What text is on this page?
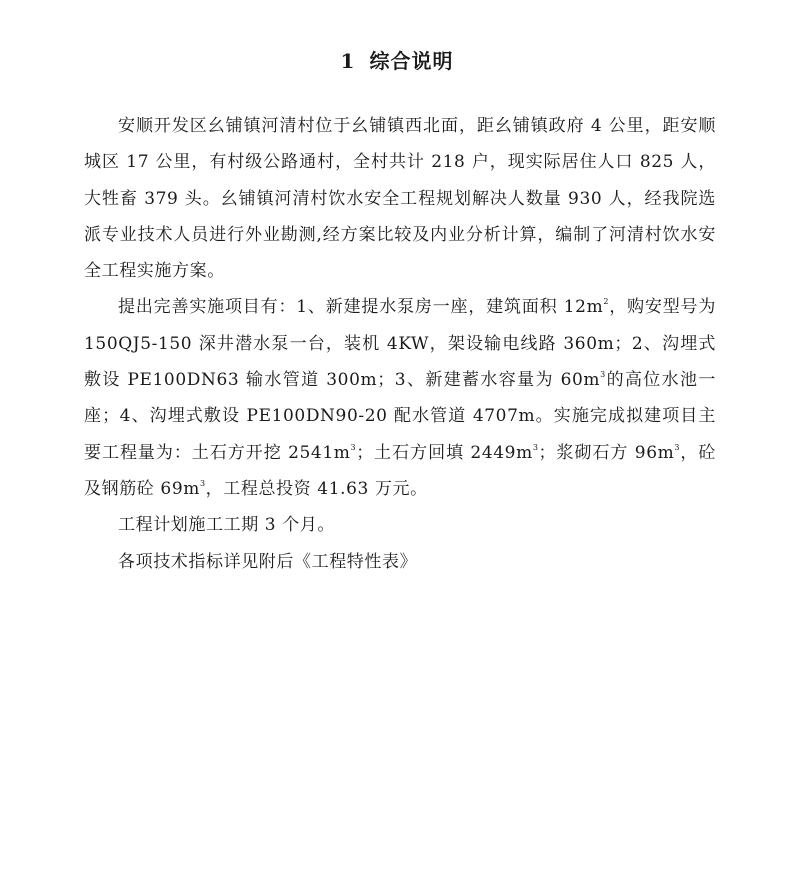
1 综合说明

安顺开发区幺铺镇河清村位于幺铺镇西北面，距幺铺镇政府 4 公里，距安顺城区 17 公里，有村级公路通村，全村共计 218 户，现实际居住人口 825 人，大牲畜 379 头。幺铺镇河清村饮水安全工程规划解决人数量 930 人，经我院选派专业技术人员进行外业勘测,经方案比较及内业分析计算，编制了河清村饮水安全工程实施方案。

提出完善实施项目有：1、新建提水泵房一座，建筑面积 $12m^2$，购安型号为 150QJ5-150 深井潜水泵一台，装机 4KW，架设输电线路 360m；2、沟埋式敷设 PE100DN63 输水管道 300m；3、新建蓄水容量为 $60m^3$的高位水池一座；4、沟埋式敷设 PE100DN90-20 配水管道 4707m。实施完成拟建项目主要工程量为：土石方开挖 $2541m^3$；土石方回填 $2449m^3$；浆砌石方 $96m^3$，砼及钢筋砼 $69m^3$，工程总投资 41.63 万元。

工程计划施工工期 3 个月。

各项技术指标详见附后《工程特性表》
